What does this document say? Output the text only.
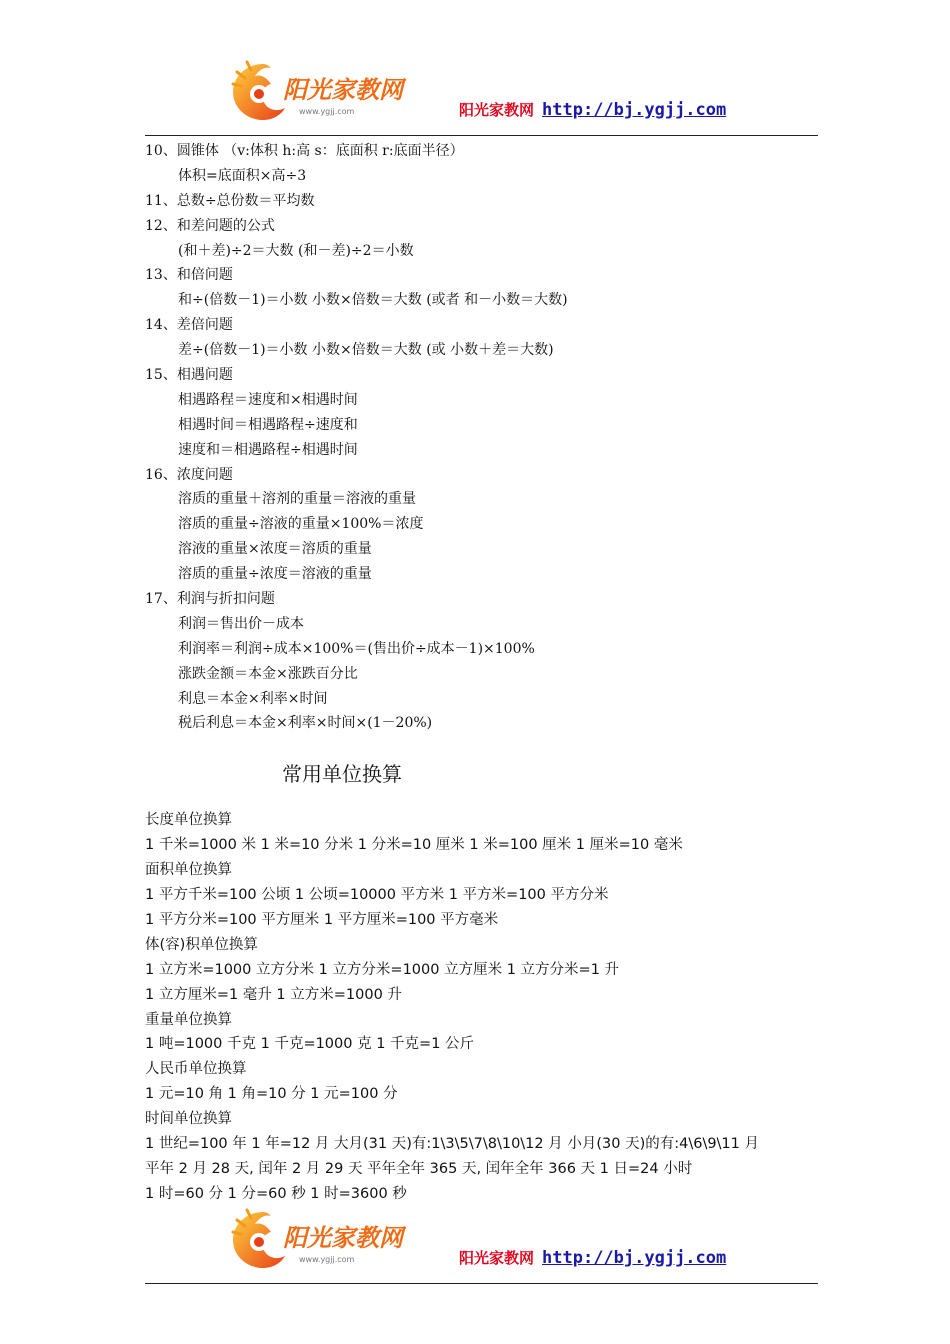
阳光家教网
www.ygjj.com	阳光家教网 http://bj.ygjj.com
10、圆锥体 （v:体积 h:高 s：底面积 r:底面半径）
体积=底面积×高÷3
11、总数÷总份数＝平均数
12、和差问题的公式
(和＋差)÷2＝大数 (和－差)÷2＝小数
13、和倍问题
和÷(倍数－1)＝小数 小数×倍数＝大数 (或者 和－小数＝大数)
14、差倍问题
差÷(倍数－1)＝小数 小数×倍数＝大数 (或 小数＋差＝大数)
15、相遇问题
相遇路程＝速度和×相遇时间
相遇时间＝相遇路程÷速度和
速度和＝相遇路程÷相遇时间
16、浓度问题
溶质的重量＋溶剂的重量＝溶液的重量
溶质的重量÷溶液的重量×100%＝浓度
溶液的重量×浓度＝溶质的重量
溶质的重量÷浓度＝溶液的重量
17、利润与折扣问题
利润＝售出价－成本
利润率＝利润÷成本×100%＝(售出价÷成本－1)×100%
涨跌金额＝本金×涨跌百分比
利息＝本金×利率×时间
税后利息＝本金×利率×时间×(1－20%)
常用单位换算
长度单位换算
1 千米=1000 米 1 米=10 分米 1 分米=10 厘米 1 米=100 厘米 1 厘米=10 毫米
面积单位换算
1 平方千米=100 公顷 1 公顷=10000 平方米 1 平方米=100 平方分米
1 平方分米=100 平方厘米 1 平方厘米=100 平方毫米
体(容)积单位换算
1 立方米=1000 立方分米 1 立方分米=1000 立方厘米 1 立方分米=1 升
1 立方厘米=1 毫升 1 立方米=1000 升
重量单位换算
1 吨=1000 千克 1 千克=1000 克 1 千克=1 公斤
人民币单位换算
1 元=10 角 1 角=10 分 1 元=100 分
时间单位换算
1 世纪=100 年 1 年=12 月 大月(31 天)有:1\3\5\7\8\10\12 月 小月(30 天)的有:4\6\9\11 月
平年 2 月 28 天, 闰年 2 月 29 天 平年全年 365 天, 闰年全年 366 天 1 日=24 小时
1 时=60 分 1 分=60 秒 1 时=3600 秒
阳光家教网
www.ygjj.com	阳光家教网 http://bj.ygjj.com
